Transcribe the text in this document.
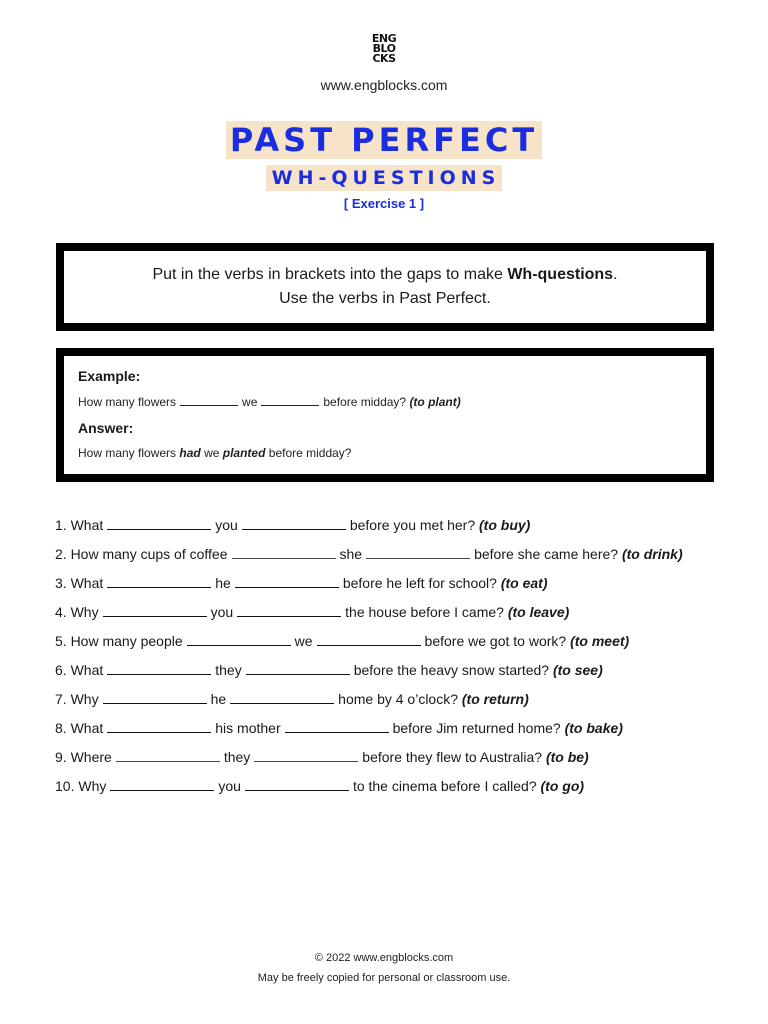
ENG
BLO
CKS
www.engblocks.com
PAST PERFECT
WH-QUESTIONS
[ Exercise 1 ]
Put in the verbs in brackets into the gaps to make Wh-questions.
Use the verbs in Past Perfect.
Example:
How many flowers	we	before midday? (to plant)
Answer:
How many flowers had we planted before midday?
1. What	you	before you met her? (to buy)
2. How many cups of coffee	she	before she came here? (to drink)
3. What	he	before he left for school? (to eat)
4. Why	you	the house before I came? (to leave)
5. How many people	we	before we got to work? (to meet)
6. What	they	before the heavy snow started? (to see)
7. Why	he	home by 4 o’clock? (to return)
8. What	his mother	before Jim returned home? (to bake)
9. Where	they	before they flew to Australia? (to be)
10. Why	you	to the cinema before I called? (to go)
© 2022 www.engblocks.com
May be freely copied for personal or classroom use.
